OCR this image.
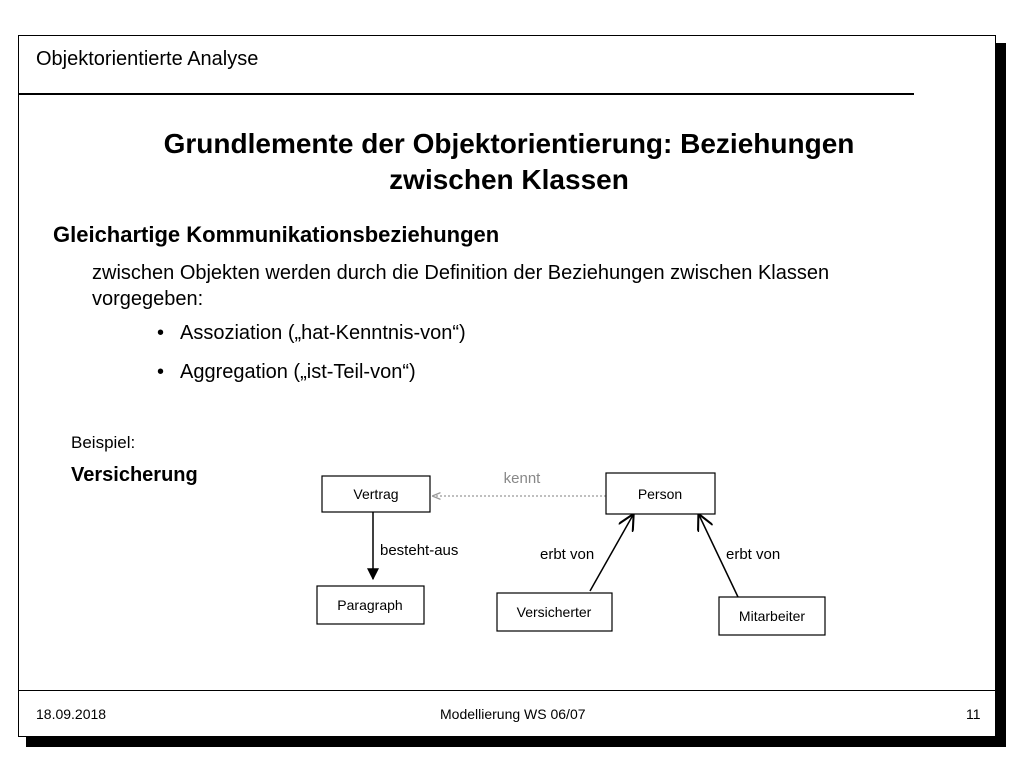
Objektorientierte Analyse
Grundlemente der Objektorientierung: Beziehungen
zwischen Klassen
Gleichartige Kommunikationsbeziehungen
zwischen Objekten werden durch die Definition der Beziehungen zwischen Klassen
vorgegeben:
• Assoziation („hat-Kenntnis-von“)
• Aggregation („ist-Teil-von“)
Beispiel:
Versicherung	kennt
besteht-aus	erbt von	erbt von
Vertrag	Person
Paragraph	Versicherter	Mitarbeiter
18.09.2018	Modellierung WS 06/07	11
